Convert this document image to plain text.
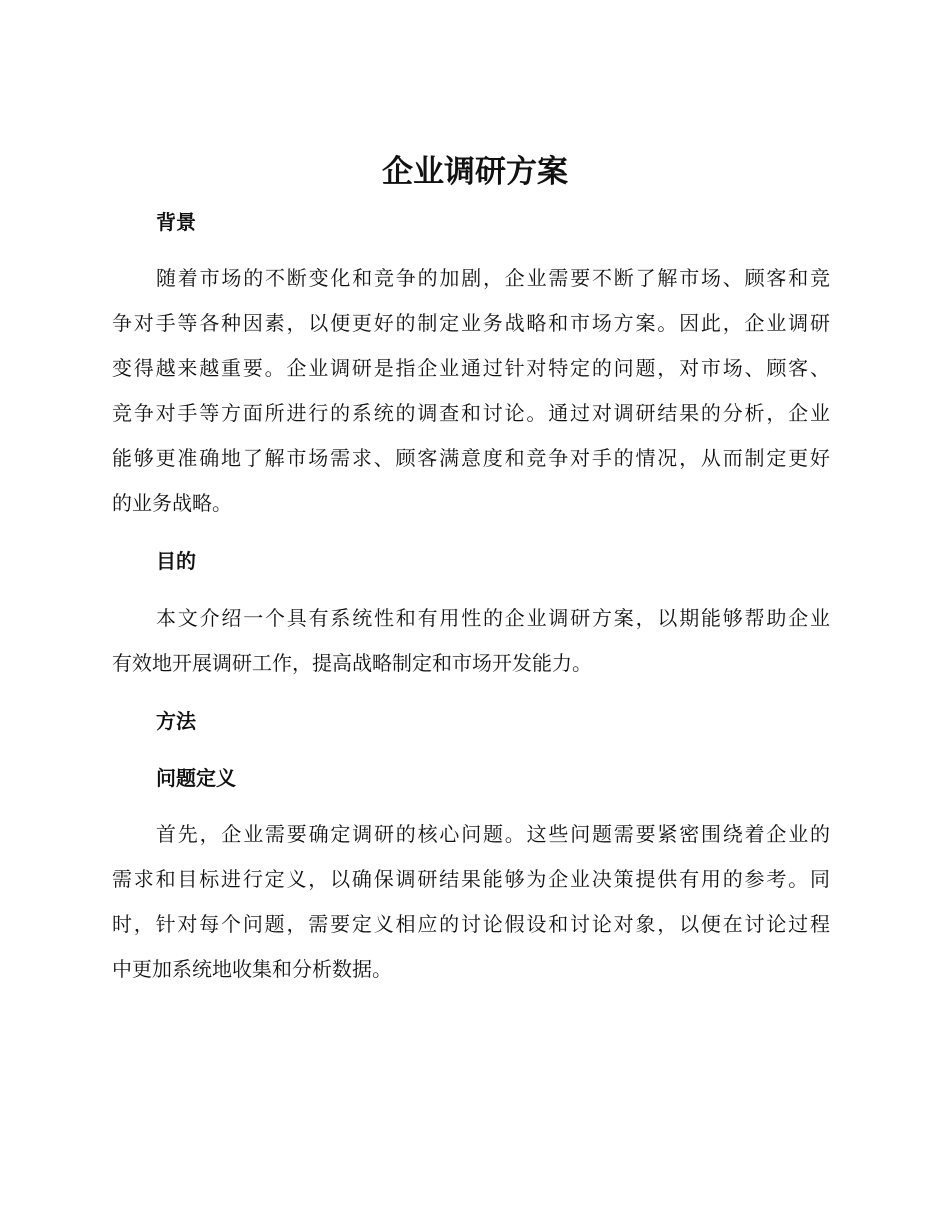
企业调研方案
背景
随着市场的不断变化和竞争的加剧，企业需要不断了解市场、顾客和竞
争对手等各种因素，以便更好的制定业务战略和市场方案。因此，企业调研
变得越来越重要。企业调研是指企业通过针对特定的问题，对市场、顾客、
竞争对手等方面所进行的系统的调查和讨论。通过对调研结果的分析，企业
能够更准确地了解市场需求、顾客满意度和竞争对手的情况，从而制定更好
的业务战略。
目的
本文介绍一个具有系统性和有用性的企业调研方案，以期能够帮助企业
有效地开展调研工作，提高战略制定和市场开发能力。
方法
问题定义
首先，企业需要确定调研的核心问题。这些问题需要紧密围绕着企业的
需求和目标进行定义，以确保调研结果能够为企业决策提供有用的参考。同
时，针对每个问题，需要定义相应的讨论假设和讨论对象，以便在讨论过程
中更加系统地收集和分析数据。
